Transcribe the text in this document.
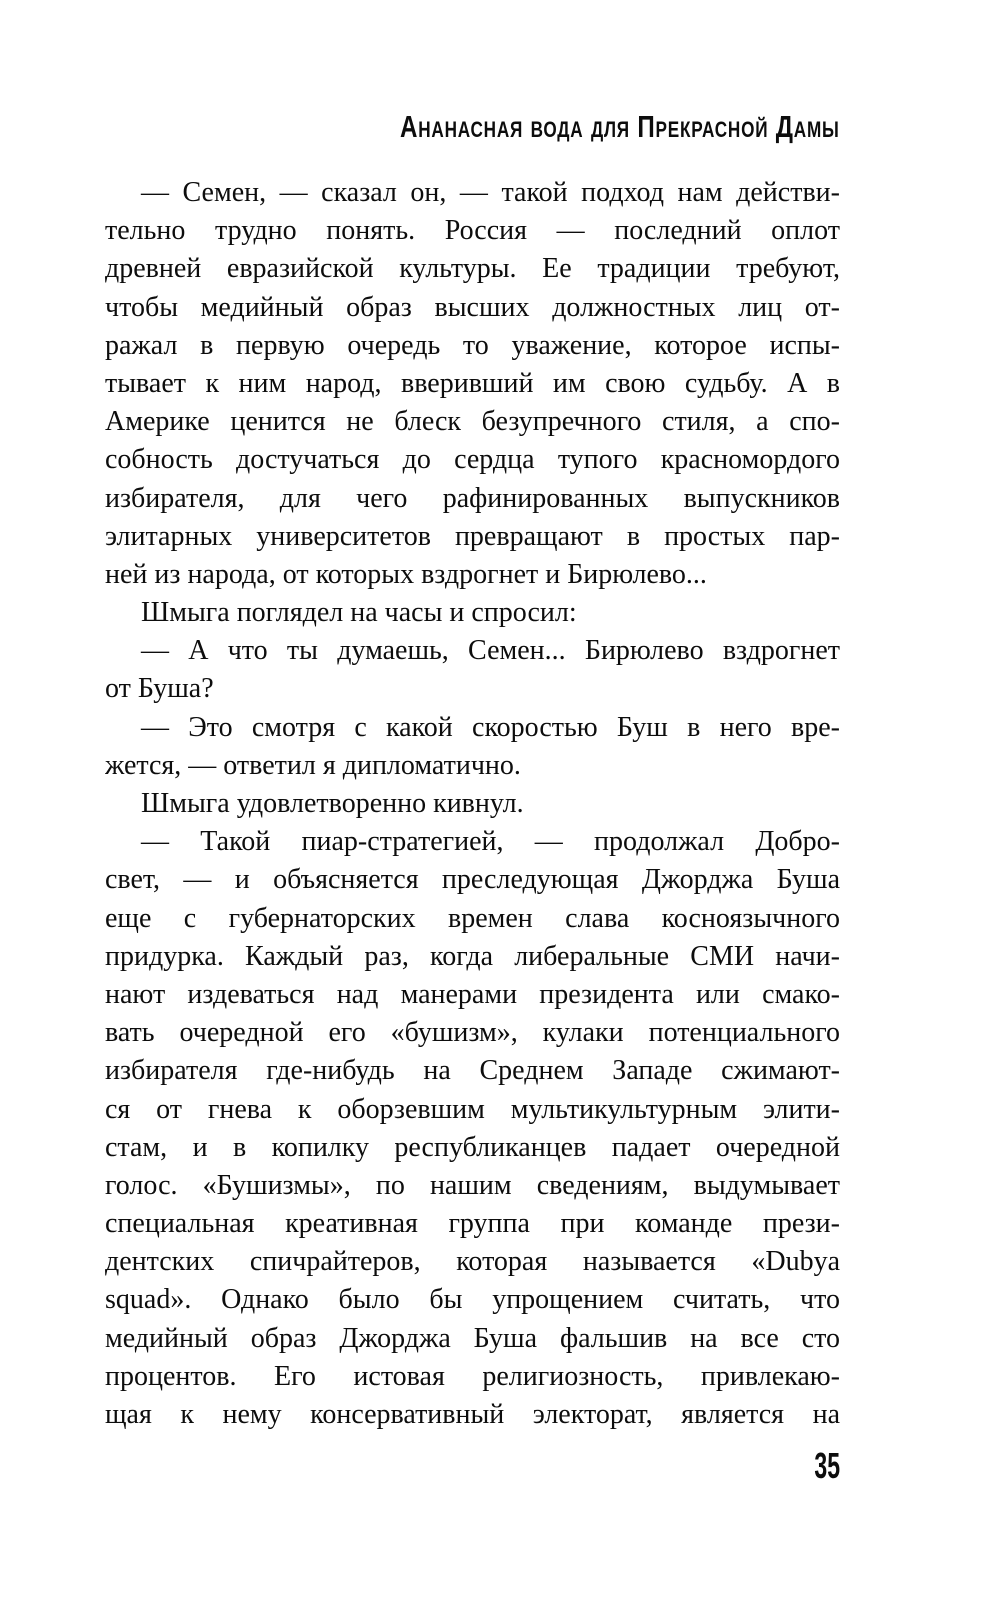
Ананасная вода для Прекрасной Дамы
— Семен, — сказал он, — такой подход нам действи-
тельно трудно понять. Россия — последний оплот
древней евразийской культуры. Ее традиции требуют,
чтобы медийный образ высших должностных лиц от-
ражал в первую очередь то уважение, которое испы-
тывает к ним народ, вверивший им свою судьбу. А в
Америке ценится не блеск безупречного стиля, а спо-
собность достучаться до сердца тупого красномордого
избирателя, для чего рафинированных выпускников
элитарных университетов превращают в простых пар-
ней из народа, от которых вздрогнет и Бирюлево...
Шмыга поглядел на часы и спросил:
— А что ты думаешь, Семен... Бирюлево вздрогнет
от Буша?
— Это смотря с какой скоростью Буш в него вре-
жется, — ответил я дипломатично.
Шмыга удовлетворенно кивнул.
— Такой пиар-стратегией, — продолжал Добро-
свет, — и объясняется преследующая Джорджа Буша
еще с губернаторских времен слава косноязычного
придурка. Каждый раз, когда либеральные СМИ начи-
нают издеваться над манерами президента или смако-
вать очередной его «бушизм», кулаки потенциального
избирателя где-нибудь на Среднем Западе сжимают-
ся от гнева к оборзевшим мультикультурным элити-
стам, и в копилку республиканцев падает очередной
голос. «Бушизмы», по нашим сведениям, выдумывает
специальная креативная группа при команде прези-
дентских спичрайтеров, которая называется «Dubya
squad». Однако было бы упрощением считать, что
медийный образ Джорджа Буша фальшив на все сто
процентов. Его истовая религиозность, привлекаю-
щая к нему консервативный электорат, является на
35
